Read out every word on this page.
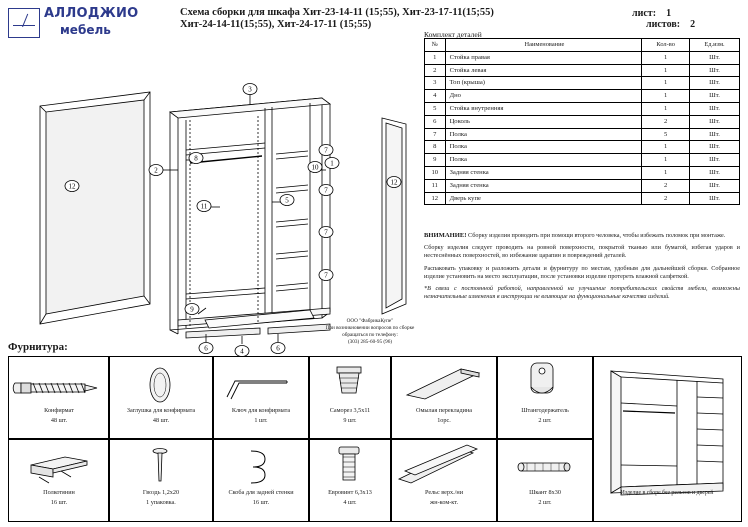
АЛЛОДЖИО
мебель
Схема сборки для шкафа Хит-23-14-11 (15;55), Хит-23-17-11(15;55)
Хит-24-14-11(15;55), Хит-24-17-11 (15;55)
лист: 1 листов: 2
Комплект деталей
№	Наименование	Кол-во	Ед.изм.
1	Стойка правая	1	Шт.
2	Стойка левая	1	Шт.
3	Топ (крыша)	1	Шт.
4	Дно	1	Шт.
5	Стойка внутренняя	1	Шт.
6	Цоколь	2	Шт.
7	Полка	5	Шт.
8	Полка	1	Шт.
9	Полка	1	Шт.
10	Задняя стенка	1	Шт.
11	Задняя стенка	2	Шт.
12	Дверь купе	2	Шт.

ВНИМАНИЕ! Сборку изделия проводить при помощи второго человека, чтобы избежать поломок при монтаже.

Сборку изделия следует проводить на ровной поверхности, покрытой тканью или бумагой, избегая ударов и нестеснённых поверхностей, во избежание царапин и повреждений деталей.

Распаковать упаковку и разложить детали и фурнитуру по местам, удобным для дальнейшей сборки. Собранное изделие установить на место эксплуатации, после установки изделие протереть влажной салфеткой.

*В связи с постоянной работой, направленной на улучшение потребительских свойств мебели, возможны незначительные изменения в инструкции не влияющие на функциональные качества изделий.

3
2
8
10 1
5
11
7
7
7
7
9
6	6
4
12	12
ООО "ФабрикаКупе"
При возникновении вопросов по сборке
обращаться по телефону:
(303) 285-60-95 (96)
Фурнитура:
Конфирмат
48 шт.
Заглушка для конфирмата
48 шт.
Ключ для конфирмата
1 шт.
Саморез 3,5х11
9 шт.
Омылая перекладина
1орс.
Штангодержатель
2 шт.
Полкотянин
16 шт.
Гвоздь 1,2х20
1 упаковка.
Скоба для задней стенки
16 шт.
Евровинт 6,3х13
4 шт.
Рельс верх./ни
жн-ком-кт.
Шкант 8х30
2 шт.
Изделие в сборе без рельсов и дверей
